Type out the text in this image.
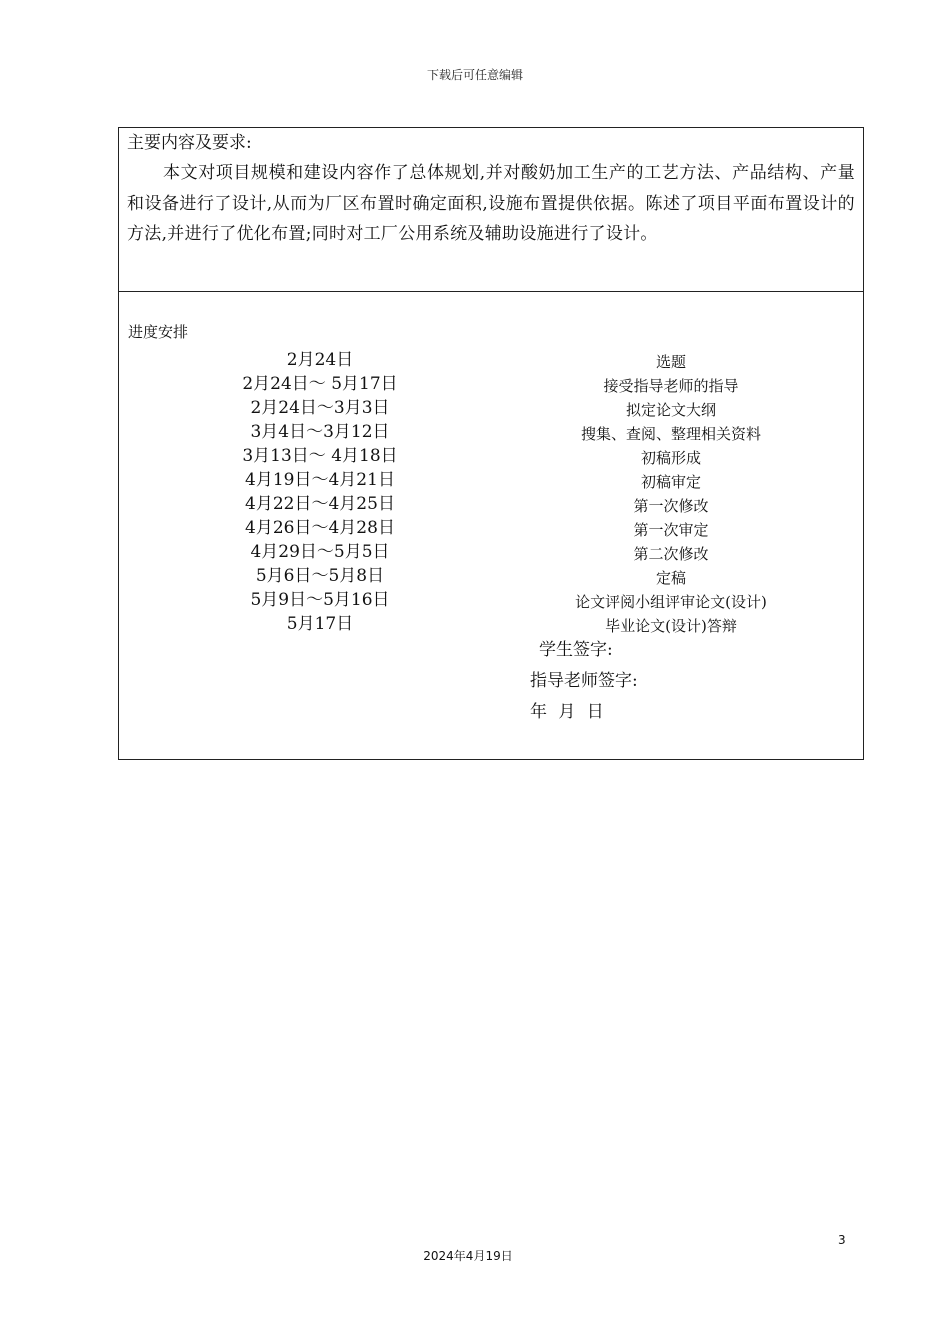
下载后可任意编辑
主要内容及要求:
本文对项目规模和建设内容作了总体规划,并对酸奶加工生产的工艺方法、产品结构、产量和设备进行了设计,从而为厂区布置时确定面积,设施布置提供依据。陈述了项目平面布置设计的方法,并进行了优化布置;同时对工厂公用系统及辅助设施进行了设计。
进度安排
2月24日
2月24日～ 5月17日
2月24日～3月3日
3月4日～3月12日
3月13日～ 4月18日
4月19日～4月21日
4月22日～4月25日
4月26日～4月28日
4月29日～5月5日
5月6日～5月8日
5月9日～5月16日
5月17日
选题
接受指导老师的指导
拟定论文大纲
搜集、查阅、整理相关资料
初稿形成
初稿审定
第一次修改
第一次审定
第二次修改
定稿
论文评阅小组评审论文(设计)
毕业论文(设计)答辩
学生签字:
指导老师签字:
年 月 日
3
2024年4月19日
